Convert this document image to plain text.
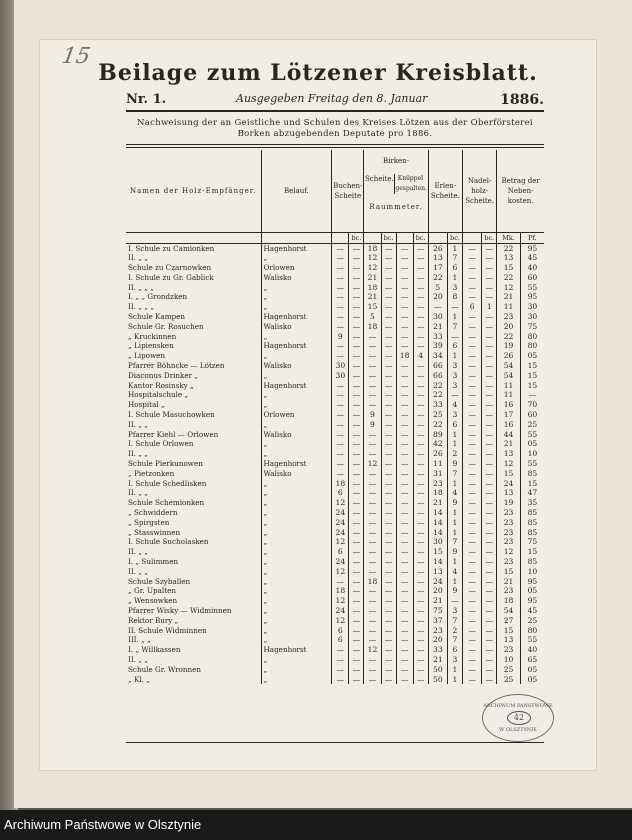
Beilage zum Lötzener Kreisblatt.
Nr. 1.	Ausgegeben Freitag den 8. Januar	1886.
Nachweisung der an Geistliche und Schulen des Kreises Lötzen aus der Oberförsterei
Borken abzugebenden Deputate pro 1886.
Namen der Holz-Empfänger.	Belauf.	Buchen-Scheite		Birken-
Scheite. Knüppel gespalten.
Raummeter.				Erlen-Scheite.		Nadel-holz-Scheite.		Betrag der Neben-kosten.	
			bc.		bc.		bc.		bc.		bc.	Mk.	Pf.
I. Schule zu Camionken	Hagenhorst	—	—	18	—	—	—	26	1	—	—	22	95
II. „ „	„	—	—	12	—	—	—	13	7	—	—	13	45
Schule zu Czarnowken	Orlowen	—	—	12	—	—	—	17	6	—	—	15	40
I. Schule zu Gr. Gablick	Walisko	—	—	21	—	—	—	22	1	—	—	22	60
II. „ „ „	„	—	—	18	—	—	—	5	3	—	—	12	55
I. „ „ Grondzken	„	—	—	21	—	—	—	20	8	—	—	21	95
II. „ „ „	„	—	—	15	—	—	—	—	—	6	1	11	30
Schule Kampen	Hagenhorst	—	—	5	—	—	—	30	1	—	—	23	30
Schule Gr. Rosuchen	Walisko	—	—	18	—	—	—	21	7	—	—	20	75
„ Kruckinnen	„	9	—	—	—	—	—	33	—	—	—	22	80
„ Lipiensken	Hagenhorst	—	—	—	—	—	—	39	6	—	—	19	80
„ Lipowen	„	—	—	—	—	18	4	34	1	—	—	26	05
Pfarrer Böhncke — Lötzen	Walisko	30	—	—	—	—	—	66	3	—	—	54	15
Diaconus Drinker „	„	30	—	—	—	—	—	66	3	—	—	54	15
Kantor Rosinsky „	Hagenhorst	—	—	—	—	—	—	22	3	—	—	11	15
Hospitalschule „	„	—	—	—	—	—	—	22	—	—	—	11	—
Hospital „	„	—	—	—	—	—	—	33	4	—	—	16	70
I. Schule Masuchowken	Orlowen	—	—	9	—	—	—	25	3	—	—	17	60
II. „ „	„	—	—	9	—	—	—	22	6	—	—	16	25
Pfarrer Kiehl — Orlowen	Walisko	—	—	—	—	—	—	89	1	—	—	44	55
I. Schule Orlowen	„	—	—	—	—	—	—	42	1	—	—	21	05
II. „ „	„	—	—	—	—	—	—	26	2	—	—	13	10
Schule Pierkunowen	Hagenhorst	—	—	12	—	—	—	11	9	—	—	12	55
„ Pietzonken	Walisko	—	—	—	—	—	—	31	7	—	—	15	85
I. Schule Schedlisken	„	18	—	—	—	—	—	23	1	—	—	24	15
II. „ „	„	6	—	—	—	—	—	18	4	—	—	13	47
Schule Schemionken	„	12	—	—	—	—	—	21	9	—	—	19	35
„ Schwiddern	„	24	—	—	—	—	—	14	1	—	—	23	85
„ Spirgsten	„	24	—	—	—	—	—	14	1	—	—	23	85
„ Stasswinnen	„	24	—	—	—	—	—	14	1	—	—	23	85
I. Schule Sucholasken	„	12	—	—	—	—	—	30	7	—	—	23	75
II. „ „	„	6	—	—	—	—	—	15	9	—	—	12	15
I. „ Sulimmen	„	24	—	—	—	—	—	14	1	—	—	23	85
II. „ „	„	12	—	—	—	—	—	13	4	—	—	15	10
Schule Szyballen	„	—	—	18	—	—	—	24	1	—	—	21	95
„ Gr. Upalten	„	18	—	—	—	—	—	20	9	—	—	23	05
„ Wensowken	„	12	—	—	—	—	—	21	—	—	—	18	95
Pfarrer Wisky — Widminnen	„	24	—	—	—	—	—	75	3	—	—	54	45
Rektor Bury „	„	12	—	—	—	—	—	37	7	—	—	27	25
II. Schule Widminnen	„	6	—	—	—	—	—	23	2	—	—	15	80
III. „ „	„	6	—	—	—	—	—	20	7	—	—	13	55
I. „ Willkassen	Hagenhorst	—	—	12	—	—	—	33	6	—	—	23	40
II. „ „	„	—	—	—	—	—	—	21	3	—	—	10	65
Schule Gr. Wronnen	„	—	—	—	—	—	—	50	1	—	—	25	05
„ Kl. „	„	—	—	—	—	—	—	50	1	—	—	25	05
15
ARCHIWUM PAŃSTWOWE
42
W OLSZTYNIE
Archiwum Państwowe w Olsztynie
